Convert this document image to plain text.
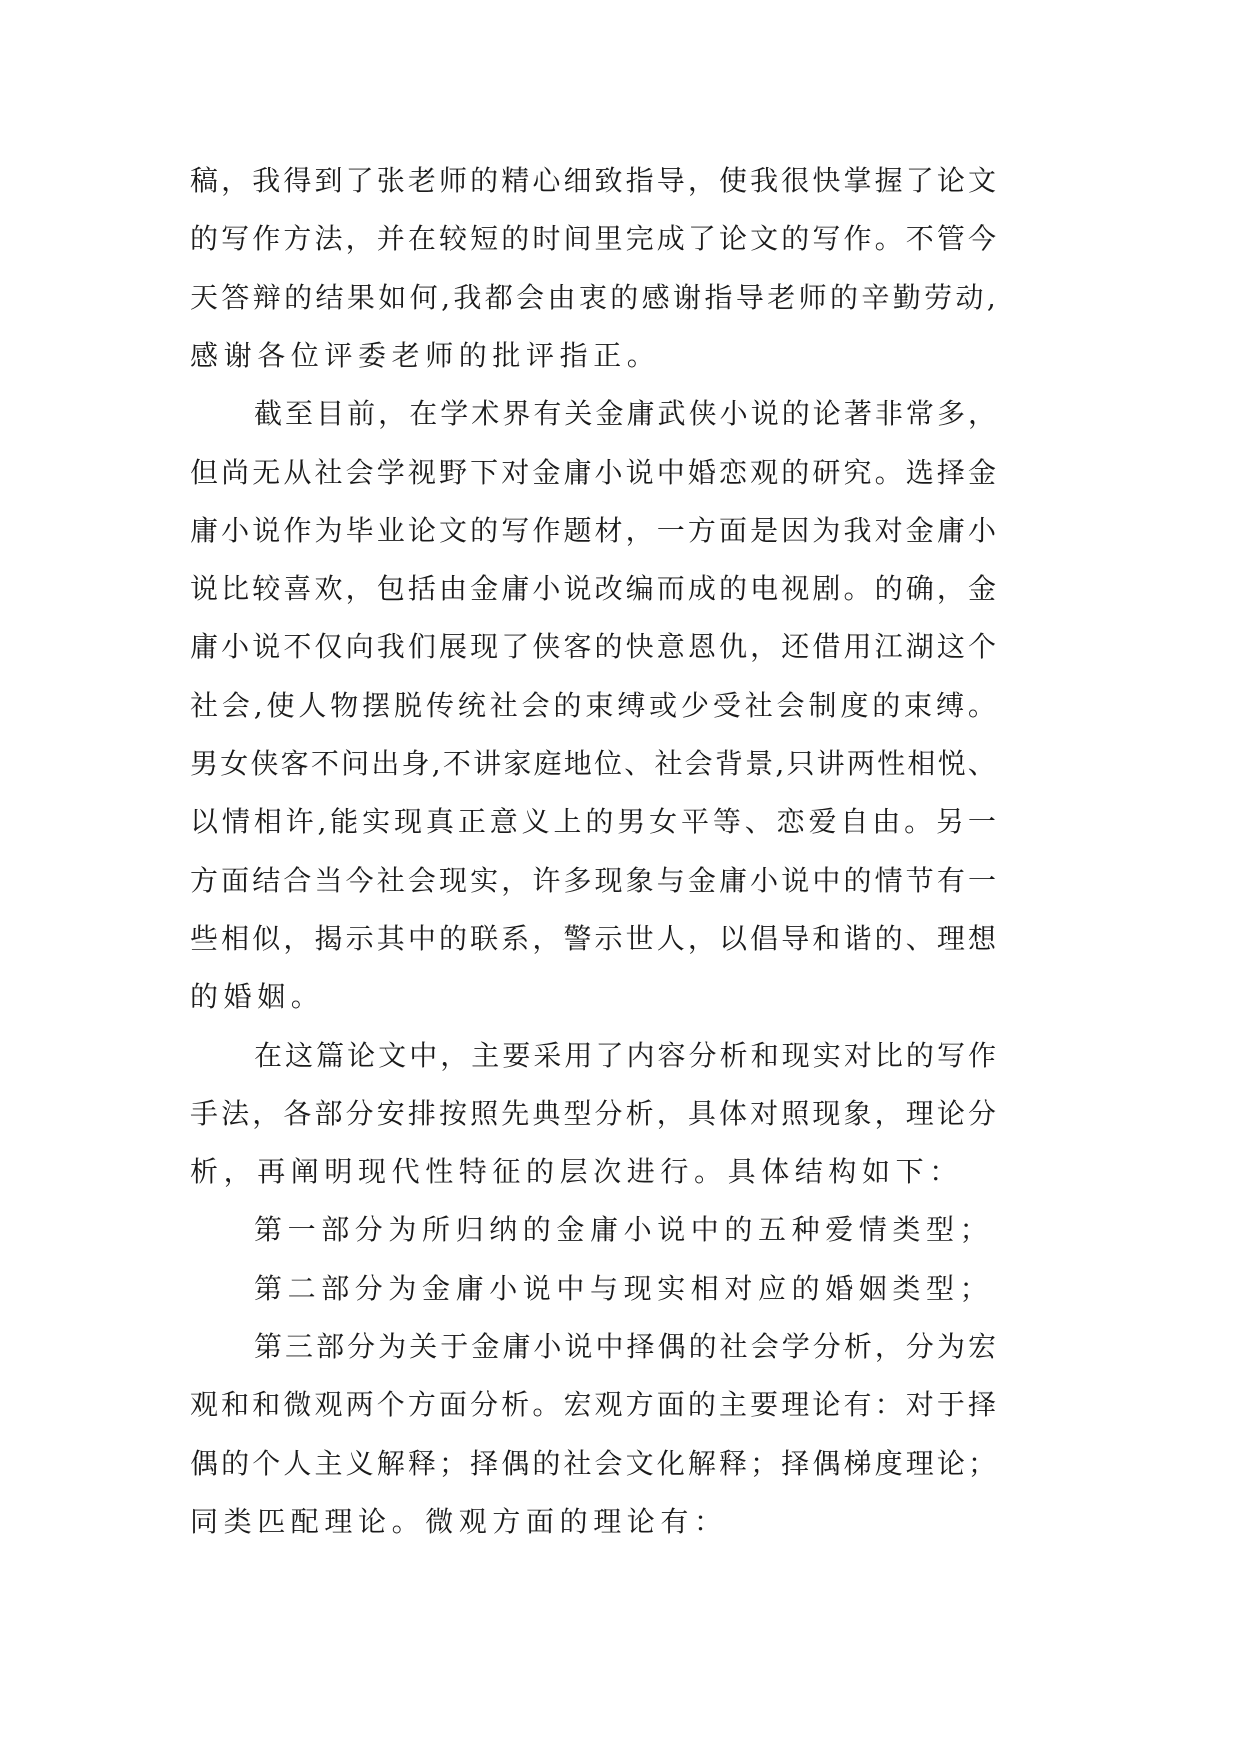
稿，我得到了张老师的精心细致指导，使我很快掌握了论文
的写作方法，并在较短的时间里完成了论文的写作。不管今
天答辩的结果如何,我都会由衷的感谢指导老师的辛勤劳动,
感谢各位评委老师的批评指正。
截至目前，在学术界有关金庸武侠小说的论著非常多，
但尚无从社会学视野下对金庸小说中婚恋观的研究。选择金
庸小说作为毕业论文的写作题材，一方面是因为我对金庸小
说比较喜欢，包括由金庸小说改编而成的电视剧。的确，金
庸小说不仅向我们展现了侠客的快意恩仇，还借用江湖这个
社会,使人物摆脱传统社会的束缚或少受社会制度的束缚。
男女侠客不问出身,不讲家庭地位、社会背景,只讲两性相悦、
以情相许,能实现真正意义上的男女平等、恋爱自由。另一
方面结合当今社会现实，许多现象与金庸小说中的情节有一
些相似，揭示其中的联系，警示世人，以倡导和谐的、理想
的婚姻。
在这篇论文中，主要采用了内容分析和现实对比的写作
手法，各部分安排按照先典型分析，具体对照现象，理论分
析，再阐明现代性特征的层次进行。具体结构如下：
第一部分为所归纳的金庸小说中的五种爱情类型；
第二部分为金庸小说中与现实相对应的婚姻类型；
第三部分为关于金庸小说中择偶的社会学分析，分为宏
观和和微观两个方面分析。宏观方面的主要理论有：对于择
偶的个人主义解释；择偶的社会文化解释；择偶梯度理论；
同类匹配理论。微观方面的理论有：
